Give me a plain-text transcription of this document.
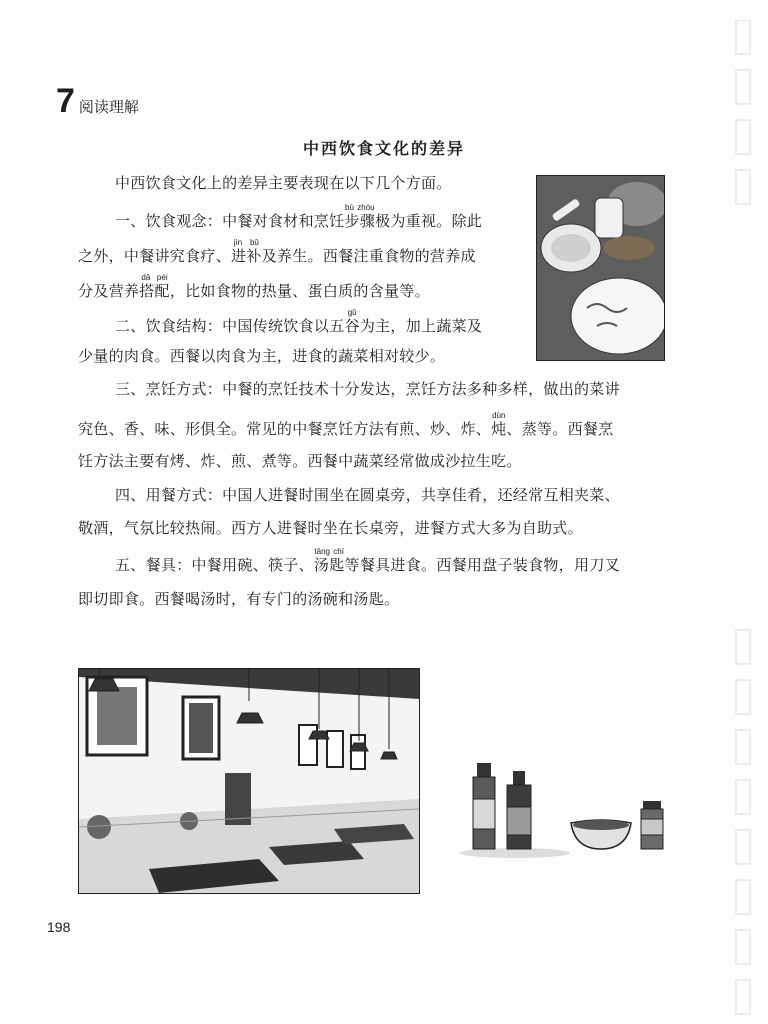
7 阅读理解
中西饮食文化的差异
中西饮食文化上的差异主要表现在以下几个方面。
一、饮食观念：中餐对食材和烹饪步骤bù zhòu极为重视。除此
之外，中餐讲究食疗、进补jìn bǔ及养生。西餐注重食物的营养成
分及营养搭配dā pèi，比如食物的热量、蛋白质的含量等。
二、饮食结构：中国传统饮食以五谷gǔ为主，加上蔬菜及
少量的肉食。西餐以肉食为主，进食的蔬菜相对较少。
三、烹饪方式：中餐的烹饪技术十分发达，烹饪方法多种多样，做出的菜讲
究色、香、味、形俱全。常见的中餐烹饪方法有煎、炒、炸、炖dùn、蒸等。西餐烹
饪方法主要有烤、炸、煎、煮等。西餐中蔬菜经常做成沙拉生吃。
四、用餐方式：中国人进餐时围坐在圆桌旁，共享佳肴，还经常互相夹菜、
敬酒，气氛比较热闹。西方人进餐时坐在长桌旁，进餐方式大多为自助式。
五、餐具：中餐用碗、筷子、汤匙tāng chí等餐具进食。西餐用盘子装食物，用刀叉
即切即食。西餐喝汤时，有专门的汤碗和汤匙。
198
